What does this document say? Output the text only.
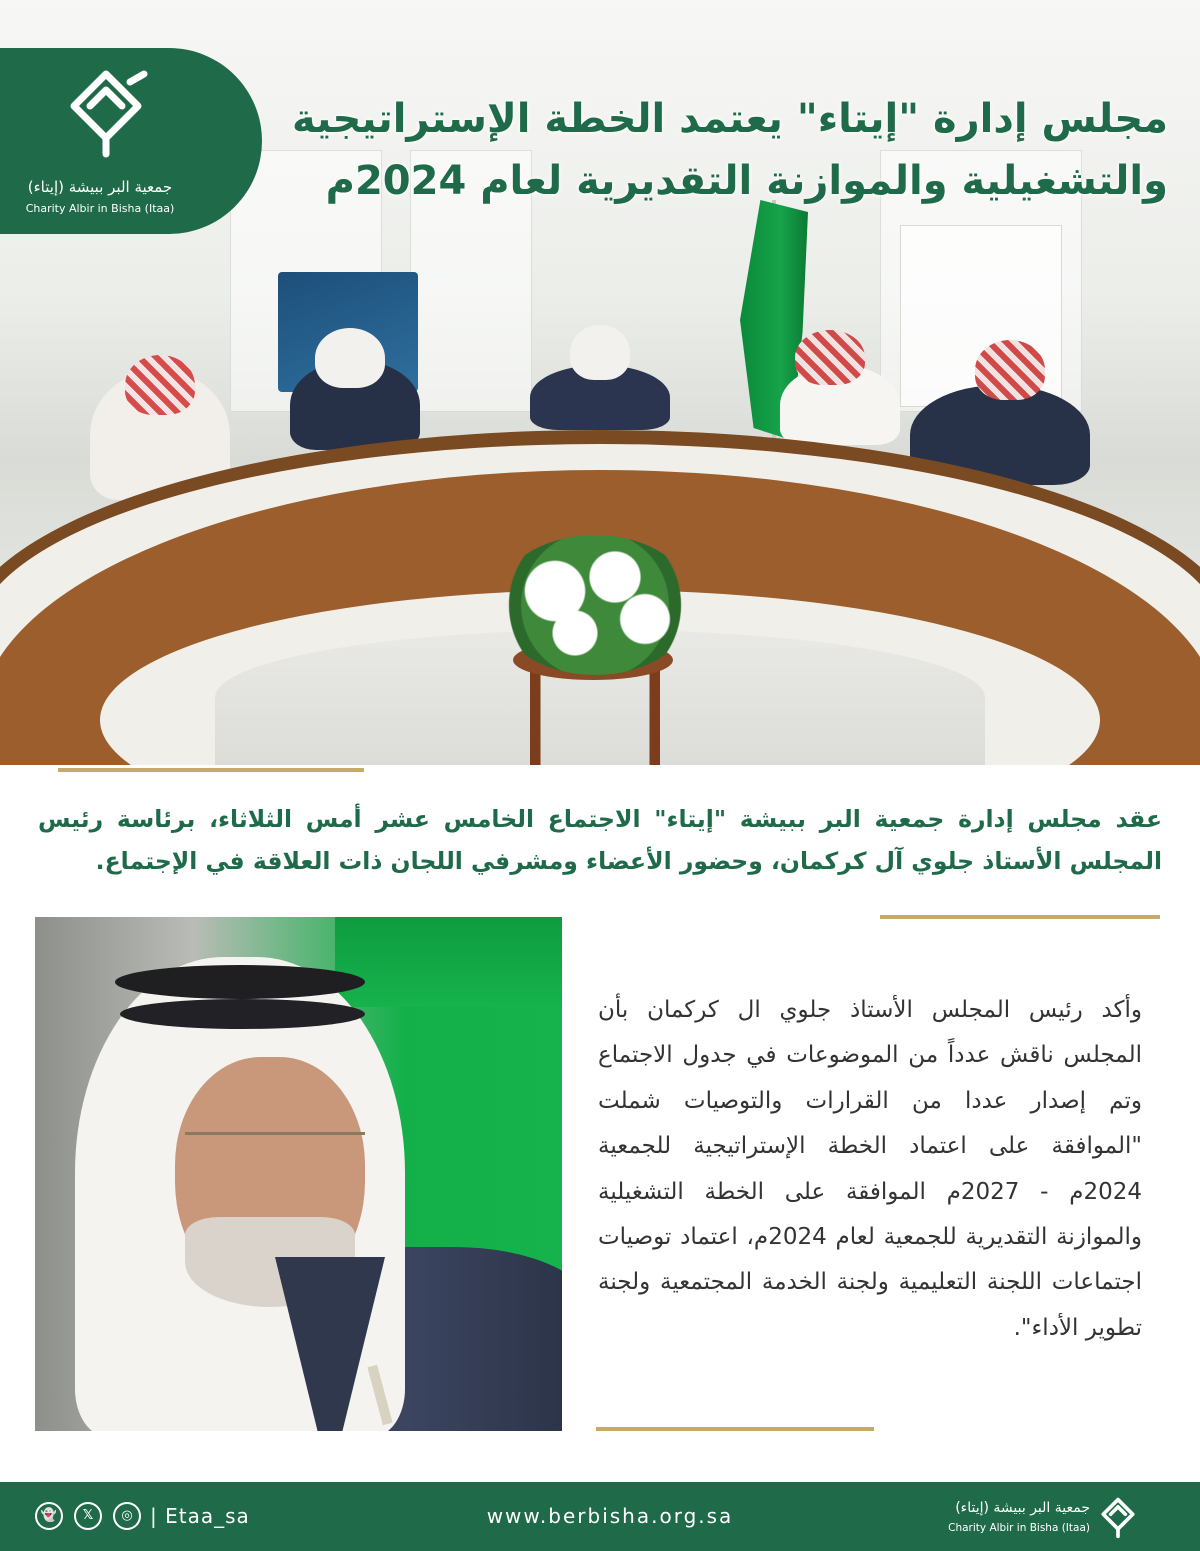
جمعية البر ببيشة (إيتاء)
Charity Albir in Bisha (Itaa)
مجلس إدارة "إيتاء" يعتمد الخطة الإستراتيجية
والتشغيلية والموازنة التقديرية لعام 2024م
عقد مجلس إدارة جمعية البر ببيشة "إيتاء" الاجتماع الخامس عشر أمس الثلاثاء، برئاسة رئيس المجلس الأستاذ جلوي آل كركمان، وحضور الأعضاء ومشرفي اللجان ذات العلاقة في الإجتماع.
وأكد رئيس المجلس الأستاذ جلوي ال كركمان بأن المجلس ناقش عدداً من الموضوعات في جدول الاجتماع وتم إصدار عددا من القرارات والتوصيات شملت "الموافقة على اعتماد الخطة الإستراتيجية للجمعية 2024م - 2027م الموافقة على الخطة التشغيلية والموازنة التقديرية للجمعية لعام 2024م، اعتماد توصيات اجتماعات اللجنة التعليمية ولجنة الخدمة المجتمعية ولجنة تطوير الأداء".
👻	𝕏	◎ | Etaa_sa	www.berbisha.org.sa	جمعية البر ببيشة (إيتاء)
Charity Albir in Bisha (Itaa)
